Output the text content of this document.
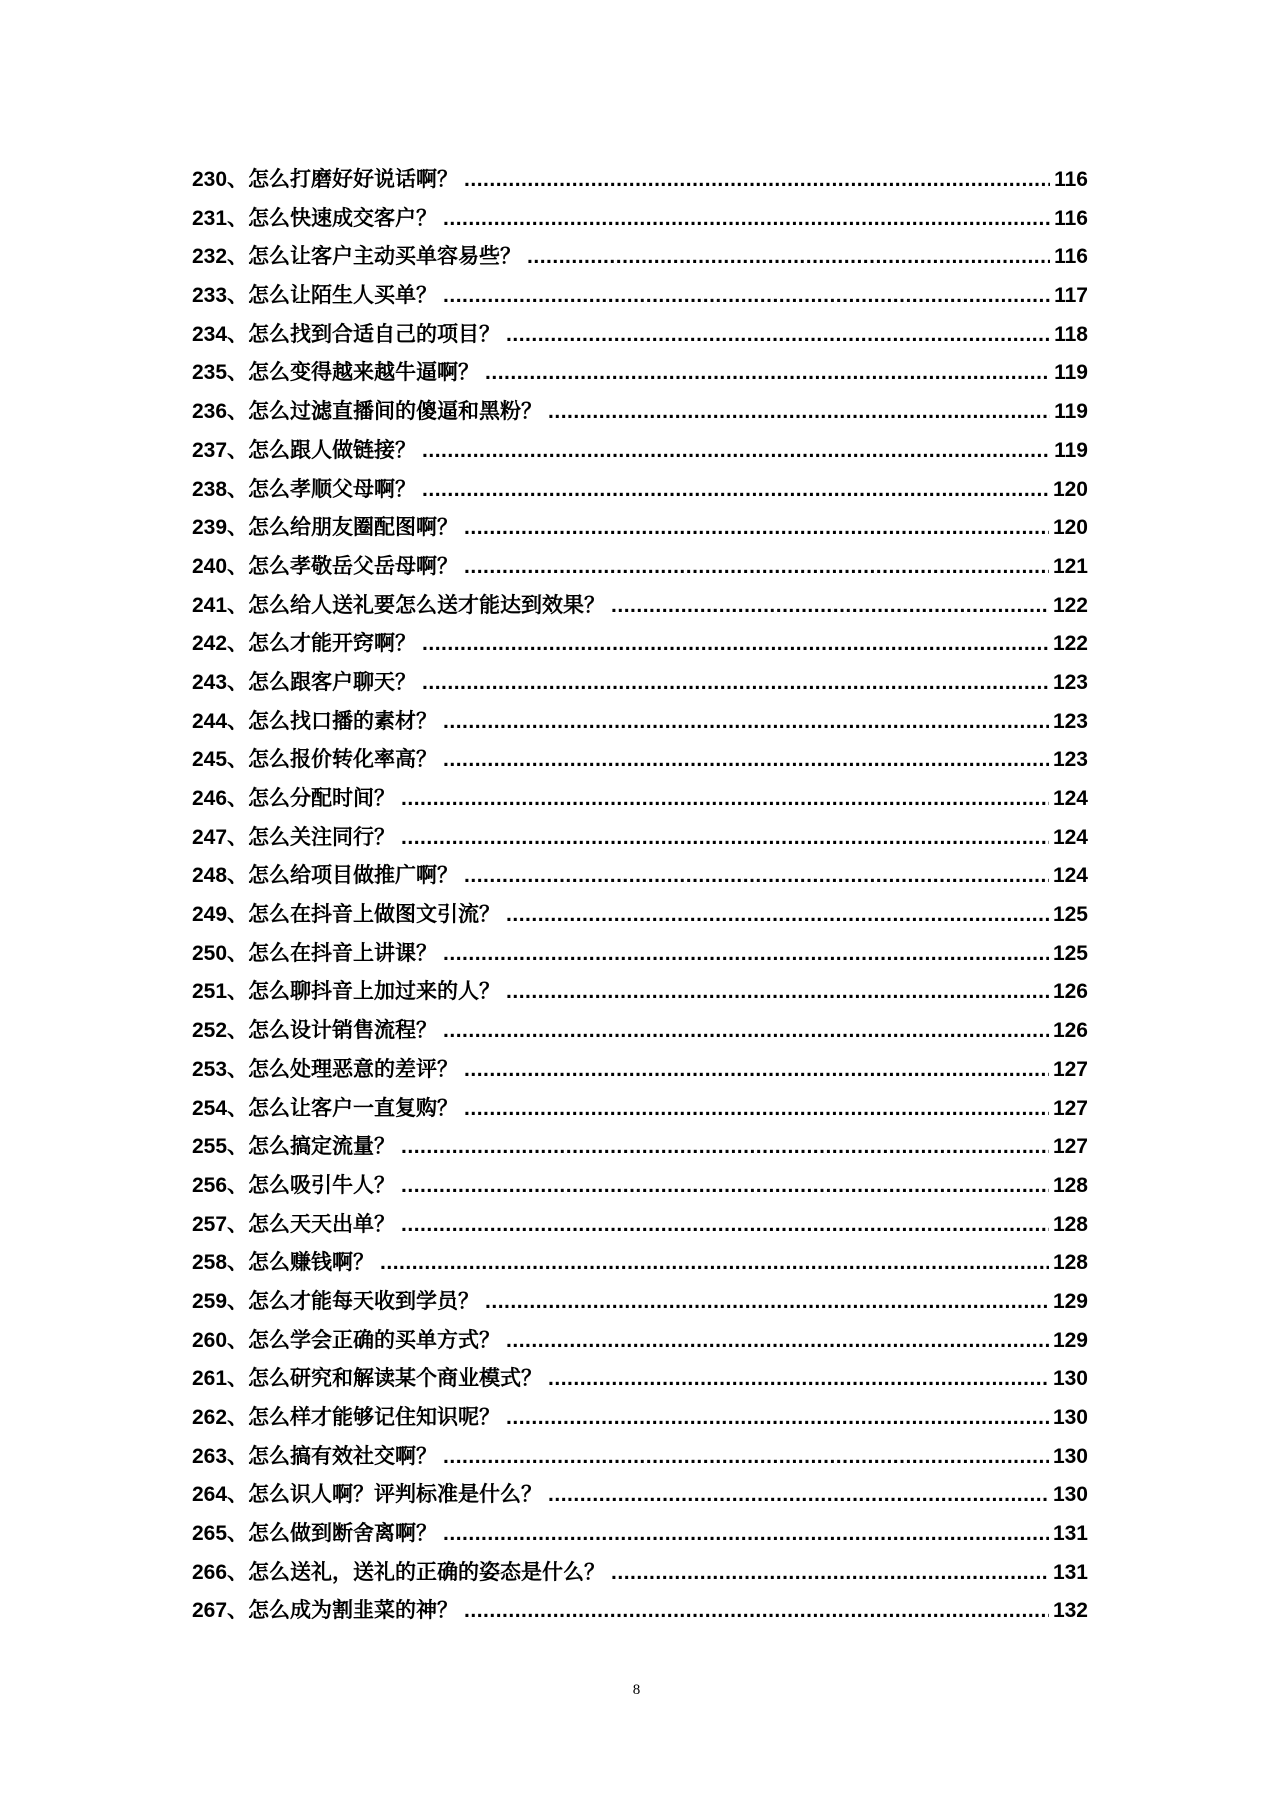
230 、 怎么打磨好好说话啊？ .....	116
231 、 怎么快速成交客户？ .....	116
232 、 怎么让客户主动买单容易些？ .....	116
233 、 怎么让陌生人买单？ .....	117
234 、 怎么找到合适自己的项目？ .....	118
235 、 怎么变得越来越牛逼啊？ .....	119
236 、 怎么过滤直播间的傻逼和黑粉？ .....	119
237 、 怎么跟人做链接？ .....	119
238 、 怎么孝顺父母啊？ .....	120
239 、 怎么给朋友圈配图啊？ .....	120
240 、 怎么孝敬岳父岳母啊？ .....	121
241 、 怎么给人送礼要怎么送才能达到效果？ .....	122
242 、 怎么才能开窍啊？ .....	122
243 、 怎么跟客户聊天？ .....	123
244 、 怎么找口播的素材？ .....	123
245 、 怎么报价转化率高？ .....	123
246 、 怎么分配时间？ .....	124
247 、 怎么关注同行？ .....	124
248 、 怎么给项目做推广啊？ .....	124
249 、 怎么在抖音上做图文引流？ .....	125
250 、 怎么在抖音上讲课？ .....	125
251 、 怎么聊抖音上加过来的人？ .....	126
252 、 怎么设计销售流程？ .....	126
253 、 怎么处理恶意的差评？ .....	127
254 、 怎么让客户一直复购？ .....	127
255 、 怎么搞定流量？ .....	127
256 、 怎么吸引牛人？ .....	128
257 、 怎么天天出单？ .....	128
258 、 怎么赚钱啊？ .....	128
259 、 怎么才能每天收到学员？ .....	129
260 、 怎么学会正确的买单方式？ .....	129
261 、 怎么研究和解读某个商业模式？ .....	130
262 、 怎么样才能够记住知识呢？ .....	130
263 、 怎么搞有效社交啊？ .....	130
264 、 怎么识人啊？评判标准是什么？ .....	130
265 、 怎么做到断舍离啊？ .....	131
266 、 怎么送礼，送礼的正确的姿态是什么？ .....	131
267 、 怎么成为割韭菜的神？ .....	132
8
